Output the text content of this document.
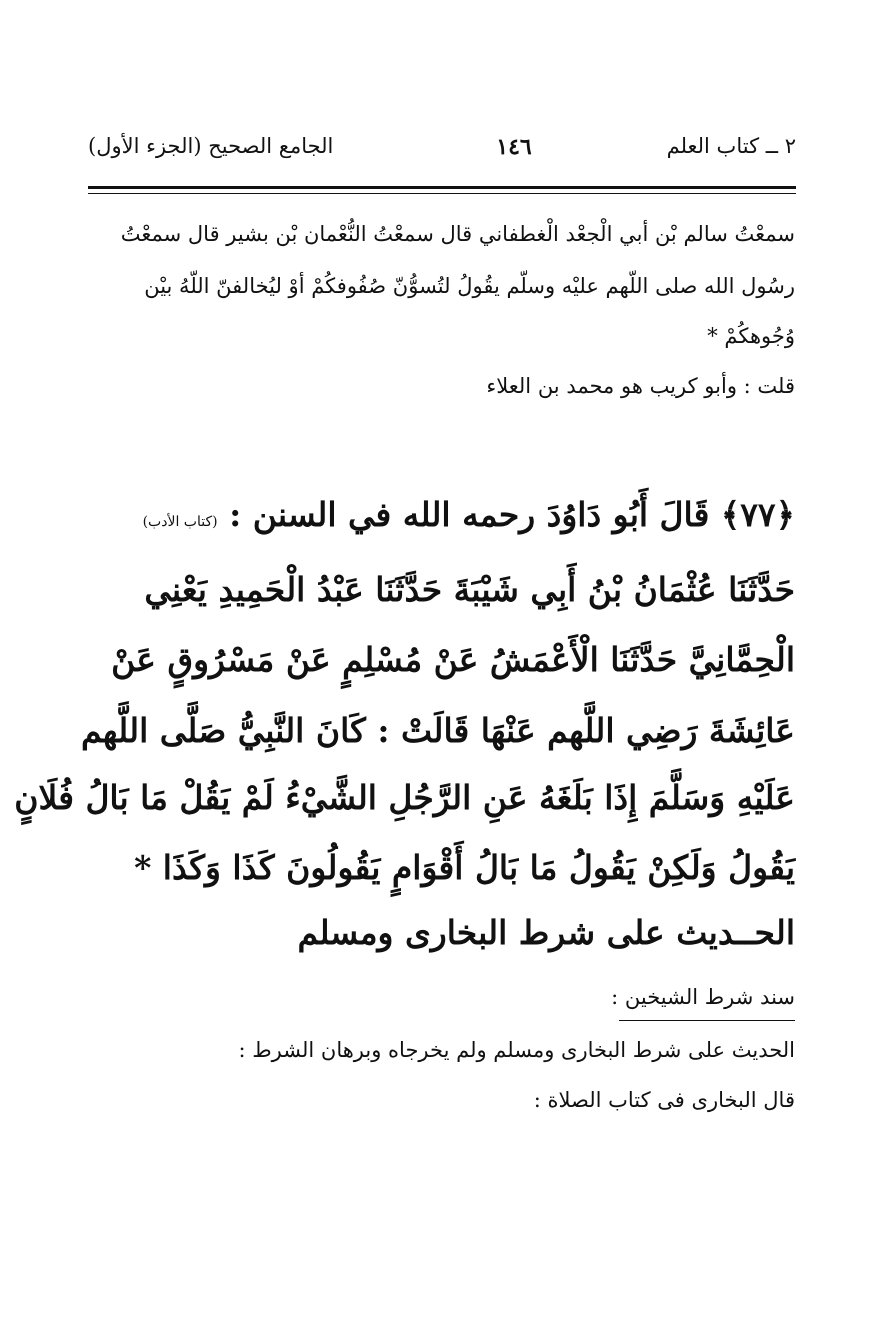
الجامع الصحيح (الجزء الأول)	١٤٦	٢ ــ كتاب العلم
سمعْتُ سالم بْن أبي الْجعْد الْغطفاني قال سمعْتُ النُّعْمان بْن بشير قال سمعْتُ
رسُول الله صلى اللّهم عليْه وسلّم يقُولُ لتُسوُّنّ صُفُوفكُمْ أوْ ليُخالفنّ اللّهُ بيْن
وُجُوهكُمْ *
قلت : وأبو كريب هو محمد بن العلاء
﴿٧٧﴾ قَالَ أَبُو دَاوُدَ رحمه الله في السنن : (كتاب الأدب)
حَدَّثَنَا عُثْمَانُ بْنُ أَبِي شَيْبَةَ حَدَّثَنَا عَبْدُ الْحَمِيدِ يَعْنِي
الْحِمَّانِيَّ حَدَّثَنَا الْأَعْمَشُ عَنْ مُسْلِمٍ عَنْ مَسْرُوقٍ عَنْ
عَائِشَةَ رَضِي اللَّهم عَنْهَا قَالَتْ : كَانَ النَّبِيُّ صَلَّى اللَّهم
عَلَيْهِ وَسَلَّمَ إِذَا بَلَغَهُ عَنِ الرَّجُلِ الشَّيْءُ لَمْ يَقُلْ مَا بَالُ فُلَانٍ
يَقُولُ وَلَكِنْ يَقُولُ مَا بَالُ أَقْوَامٍ يَقُولُونَ كَذَا وَكَذَا *
الحــديث على شرط البخارى ومسلم
سند شرط الشيخين :
الحديث على شرط البخارى ومسلم ولم يخرجاه وبرهان الشرط :
قال البخارى فى كتاب الصلاة :
